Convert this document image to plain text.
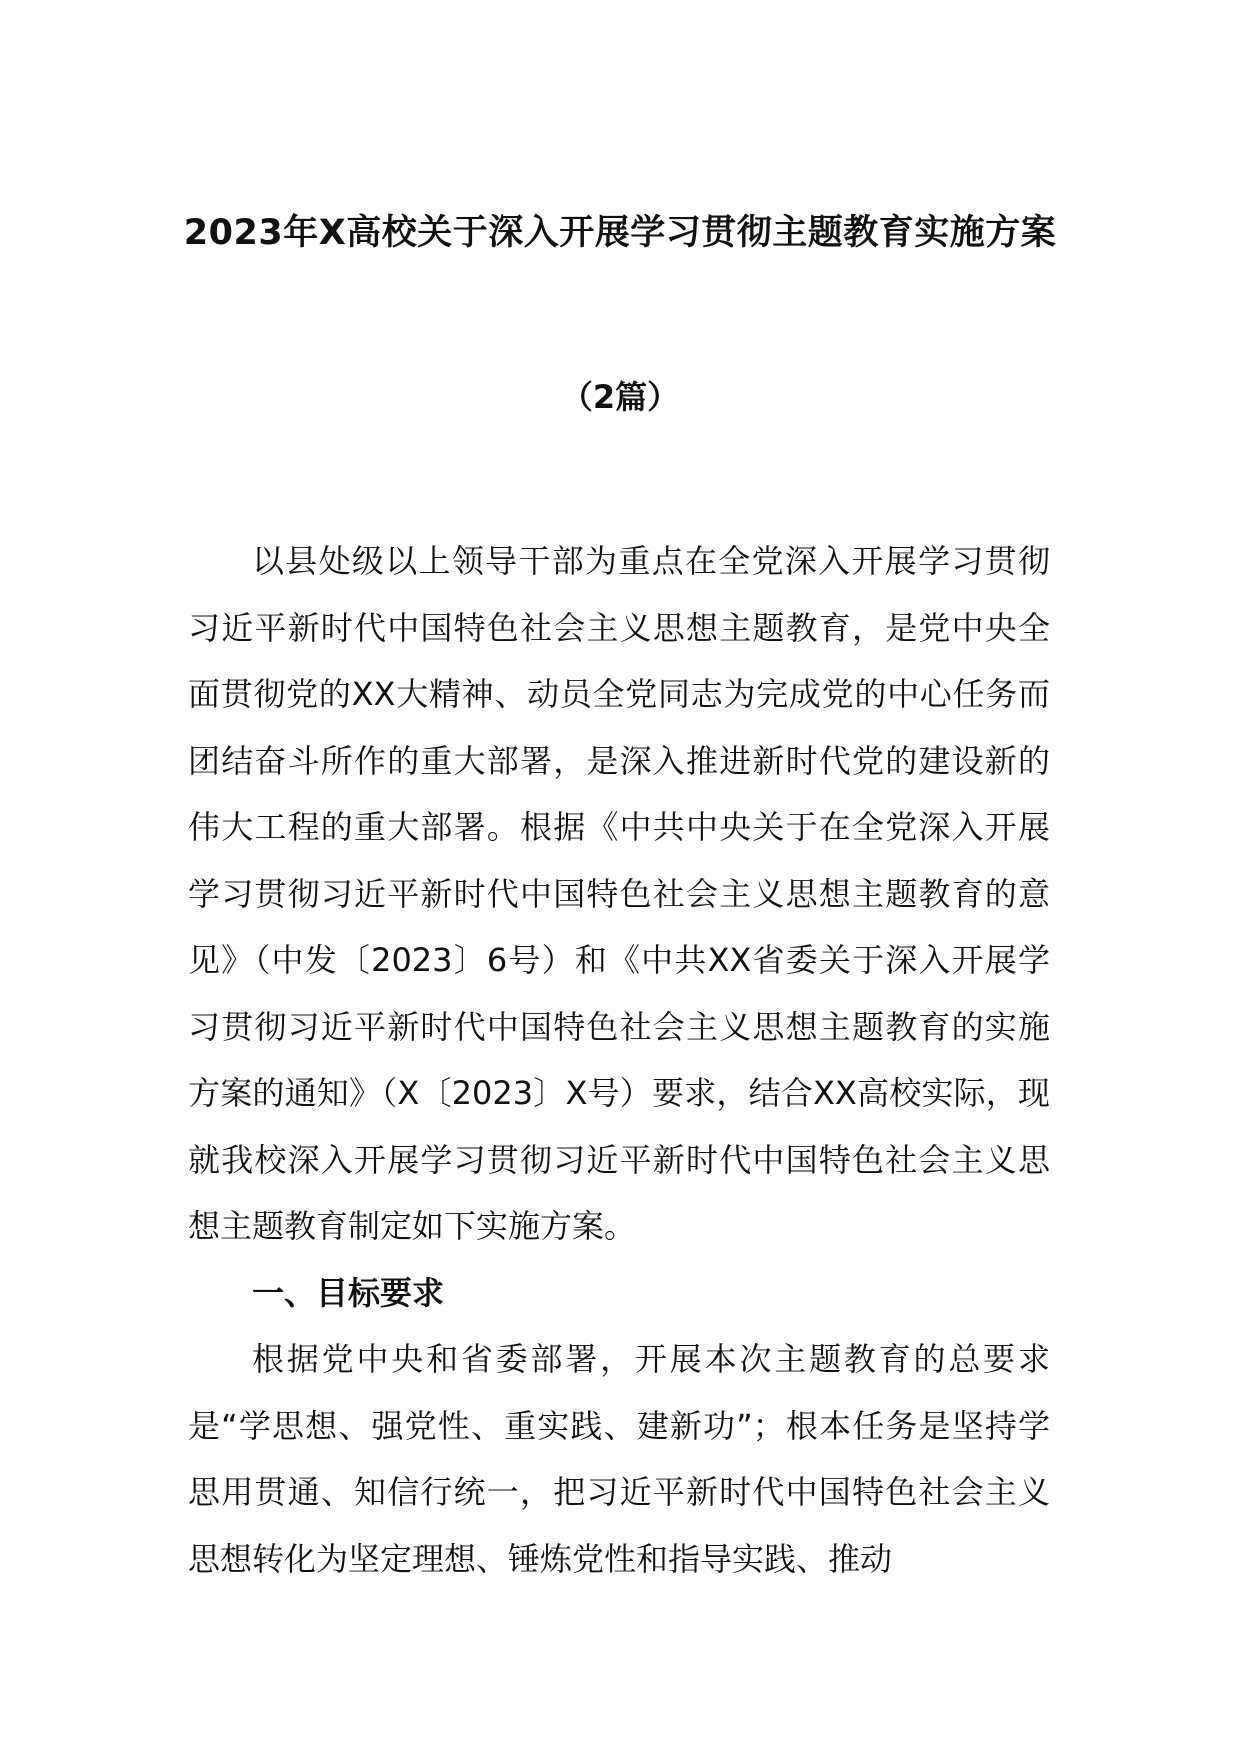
2023年X高校关于深入开展学习贯彻主题教育实施方案
（2篇）

以县处级以上领导干部为重点在全党深入开展学习贯彻习近平新时代中国特色社会主义思想主题教育，是党中央全面贯彻党的XX大精神、动员全党同志为完成党的中心任务而团结奋斗所作的重大部署，是深入推进新时代党的建设新的伟大工程的重大部署。根据《中共中央关于在全党深入开展学习贯彻习近平新时代中国特色社会主义思想主题教育的意见》（中发〔2023〕6号）和《中共XX省委关于深入开展学习贯彻习近平新时代中国特色社会主义思想主题教育的实施方案的通知》（X〔2023〕X号）要求，结合XX高校实际，现就我校深入开展学习贯彻习近平新时代中国特色社会主义思想主题教育制定如下实施方案。

一、目标要求

根据党中央和省委部署，开展本次主题教育的总要求是“学思想、强党性、重实践、建新功”；根本任务是坚持学思用贯通、知信行统一，把习近平新时代中国特色社会主义思想转化为坚定理想、锤炼党性和指导实践、推动
